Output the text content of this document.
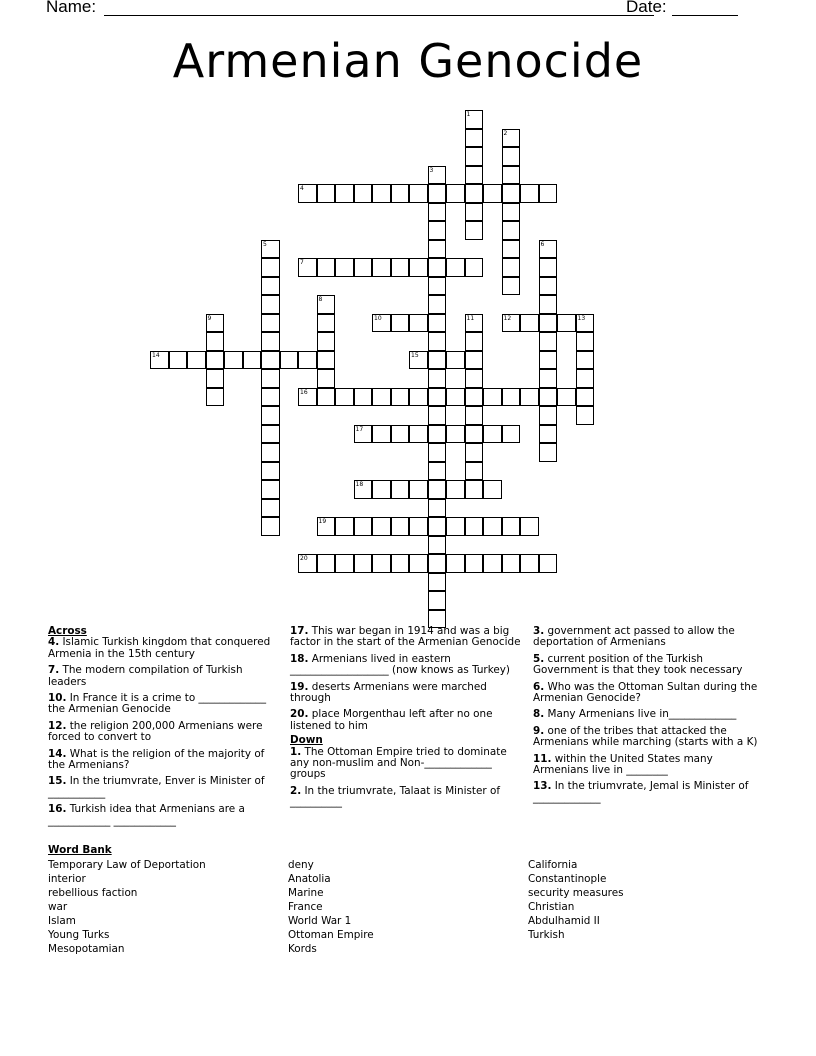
Name:	Date:
Armenian Genocide
1
2
3
4
5	6
7
8
9	10	11	12	13
14	15
16
17
18
19
20
Across
4. Islamic Turkish kingdom that conquered Armenia in the 15th century
7. The modern compilation of Turkish leaders
10. In France it is a crime to _____________ the Armenian Genocide
12. the religion 200,000 Armenians were forced to convert to
14. What is the religion of the majority of the Armenians?
15. In the triumvrate, Enver is Minister of ___________
16. Turkish idea that Armenians are a ____________ ____________
17. This war began in 1914 and was a big factor in the start of the Armenian Genocide
18. Armenians lived in eastern ___________________ (now knows as Turkey)
19. deserts Armenians were marched through
20. place Morgenthau left after no one listened to him
Down
1. The Ottoman Empire tried to dominate any non-muslim and Non-_____________ groups
2. In the triumvrate, Talaat is Minister of __________
3. government act passed to allow the deportation of Armenians
5. current position of the Turkish Government is that they took necessary
6. Who was the Ottoman Sultan during the Armenian Genocide?
8. Many Armenians live in_____________
9. one of the tribes that attacked the Armenians while marching (starts with a K)
11. within the United States many Armenians live in ________
13. In the triumvrate, Jemal is Minister of _____________
Word Bank
Temporary Law of Deportation
interior
rebellious faction
war
Islam
Young Turks
Mesopotamian
deny
Anatolia
Marine
France
World War 1
Ottoman Empire
Kords
California
Constantinople
security measures
Christian
Abdulhamid II
Turkish
